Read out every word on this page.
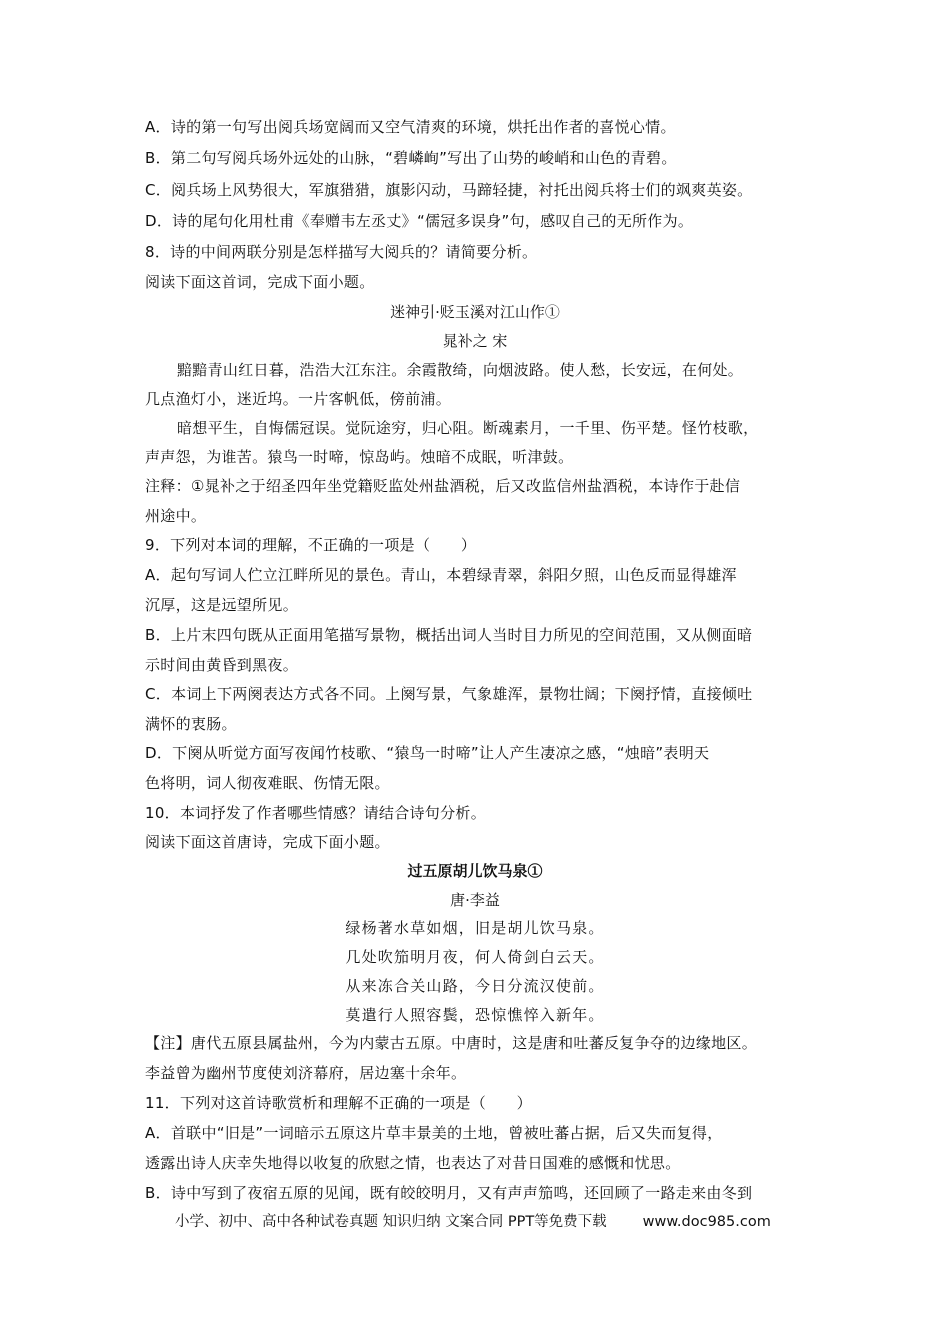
A．诗的第一句写出阅兵场宽阔而又空气清爽的环境，烘托出作者的喜悦心情。
B．第二句写阅兵场外远处的山脉，“碧嶙峋”写出了山势的峻峭和山色的青碧。
C．阅兵场上风势很大，军旗猎猎，旗影闪动，马蹄轻捷，衬托出阅兵将士们的飒爽英姿。
D．诗的尾句化用杜甫《奉赠韦左丞丈》“儒冠多误身”句，感叹自己的无所作为。
8．诗的中间两联分别是怎样描写大阅兵的？请简要分析。
阅读下面这首词，完成下面小题。
迷神引·贬玉溪对江山作①
晁补之 宋
黯黯青山红日暮，浩浩大江东注。余霞散绮，向烟波路。使人愁，长安远，在何处。
几点渔灯小，迷近坞。一片客帆低，傍前浦。
暗想平生，自悔儒冠误。觉阮途穷，归心阻。断魂素月，一千里、伤平楚。怪竹枝歌，
声声怨，为谁苦。猿鸟一时啼，惊岛屿。烛暗不成眠，听津鼓。
注释：①晁补之于绍圣四年坐党籍贬监处州盐酒税，后又改监信州盐酒税，本诗作于赴信
州途中。
9．下列对本词的理解，不正确的一项是（　　）
A．起句写词人伫立江畔所见的景色。青山，本碧绿青翠，斜阳夕照，山色反而显得雄浑
沉厚，这是远望所见。
B．上片末四句既从正面用笔描写景物，概括出词人当时目力所见的空间范围，又从侧面暗
示时间由黄昏到黑夜。
C．本词上下两阕表达方式各不同。上阕写景，气象雄浑，景物壮阔；下阕抒情，直接倾吐
满怀的衷肠。
D．下阕从听觉方面写夜闻竹枝歌、“猿鸟一时啼”让人产生凄凉之感，“烛暗”表明天
色将明，词人彻夜难眠、伤情无限。
10．本词抒发了作者哪些情感？请结合诗句分析。
阅读下面这首唐诗，完成下面小题。
过五原胡儿饮马泉①
唐·李益
绿杨著水草如烟，旧是胡儿饮马泉。
几处吹笳明月夜，何人倚剑白云天。
从来冻合关山路，今日分流汉使前。
莫遣行人照容鬓，恐惊憔悴入新年。
【注】唐代五原县属盐州，今为内蒙古五原。中唐时，这是唐和吐蕃反复争夺的边缘地区。
李益曾为幽州节度使刘济幕府，居边塞十余年。
11．下列对这首诗歌赏析和理解不正确的一项是（　　）
A．首联中“旧是”一词暗示五原这片草丰景美的土地，曾被吐蕃占据，后又失而复得，
透露出诗人庆幸失地得以收复的欣慰之情，也表达了对昔日国难的感慨和忧思。
B．诗中写到了夜宿五原的见闻，既有皎皎明月，又有声声笳鸣，还回顾了一路走来由冬到
小学、初中、高中各种试卷真题 知识归纳 文案合同 PPT等免费下载 www.doc985.com
